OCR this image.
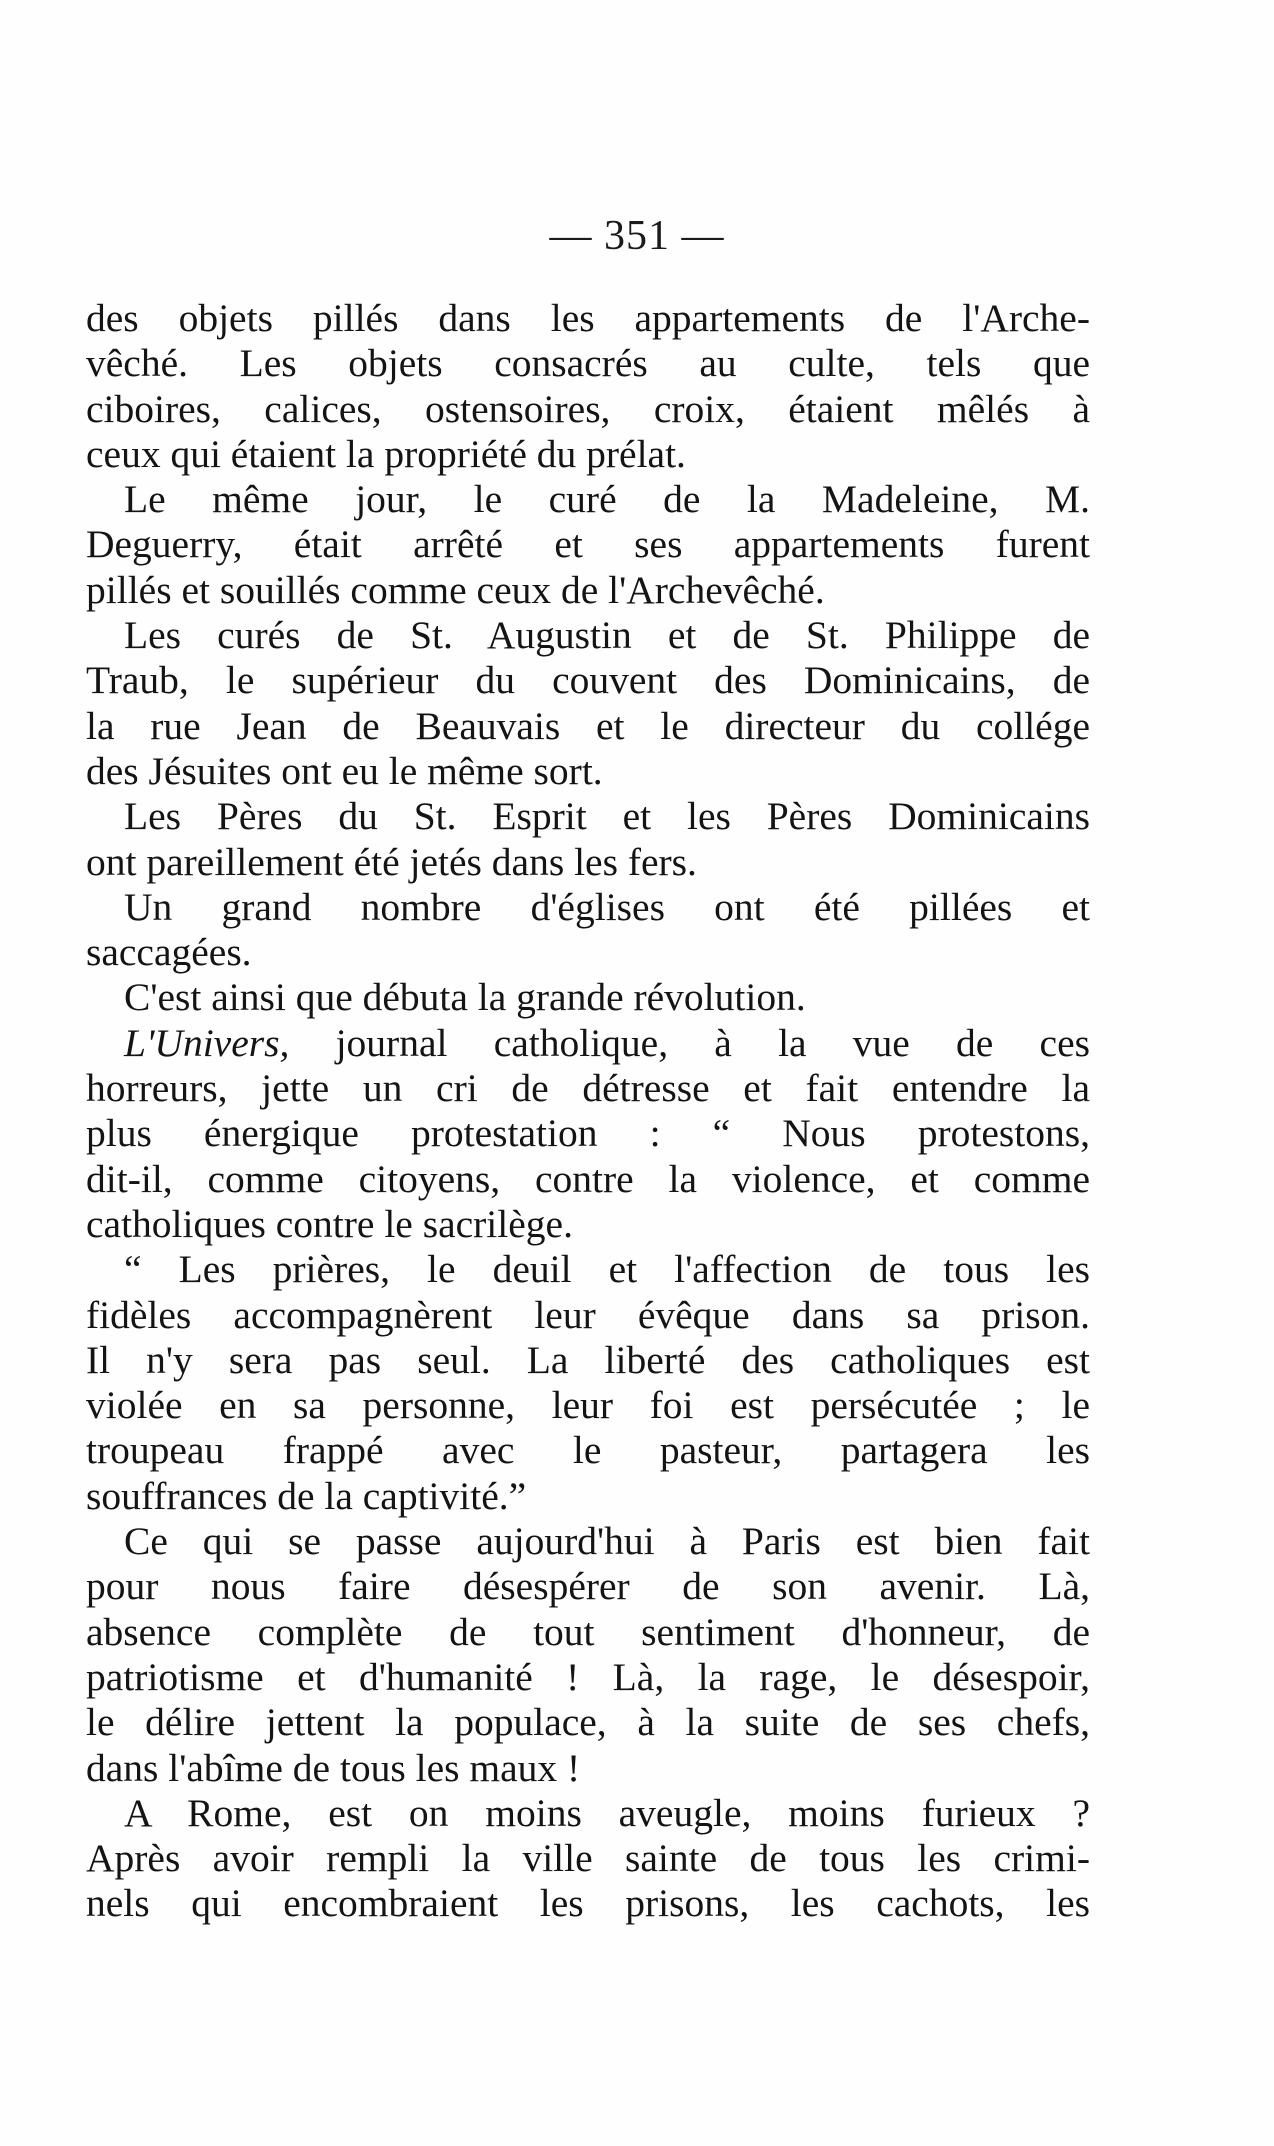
— 351 —
des objets pillés dans les appartements de l'Arche-
vêché. Les objets consacrés au culte, tels que
ciboires, calices, ostensoires, croix, étaient mêlés à
ceux qui étaient la propriété du prélat.
Le même jour, le curé de la Madeleine, M.
Deguerry, était arrêté et ses appartements furent
pillés et souillés comme ceux de l'Archevêché.
Les curés de St. Augustin et de St. Philippe de
Traub, le supérieur du couvent des Dominicains, de
la rue Jean de Beauvais et le directeur du collége
des Jésuites ont eu le même sort.
Les Pères du St. Esprit et les Pères Dominicains
ont pareillement été jetés dans les fers.
Un grand nombre d'églises ont été pillées et
saccagées.
C'est ainsi que débuta la grande révolution.
L'Univers, journal catholique, à la vue de ces
horreurs, jette un cri de détresse et fait entendre la
plus énergique protestation : “ Nous protestons,
dit-il, comme citoyens, contre la violence, et comme
catholiques contre le sacrilège.
“ Les prières, le deuil et l'affection de tous les
fidèles accompagnèrent leur évêque dans sa prison.
Il n'y sera pas seul. La liberté des catholiques est
violée en sa personne, leur foi est persécutée ; le
troupeau frappé avec le pasteur, partagera les
souffrances de la captivité.”
Ce qui se passe aujourd'hui à Paris est bien fait
pour nous faire désespérer de son avenir. Là,
absence complète de tout sentiment d'honneur, de
patriotisme et d'humanité ! Là, la rage, le désespoir,
le délire jettent la populace, à la suite de ses chefs,
dans l'abîme de tous les maux !
A Rome, est on moins aveugle, moins furieux ?
Après avoir rempli la ville sainte de tous les crimi-
nels qui encombraient les prisons, les cachots, les
